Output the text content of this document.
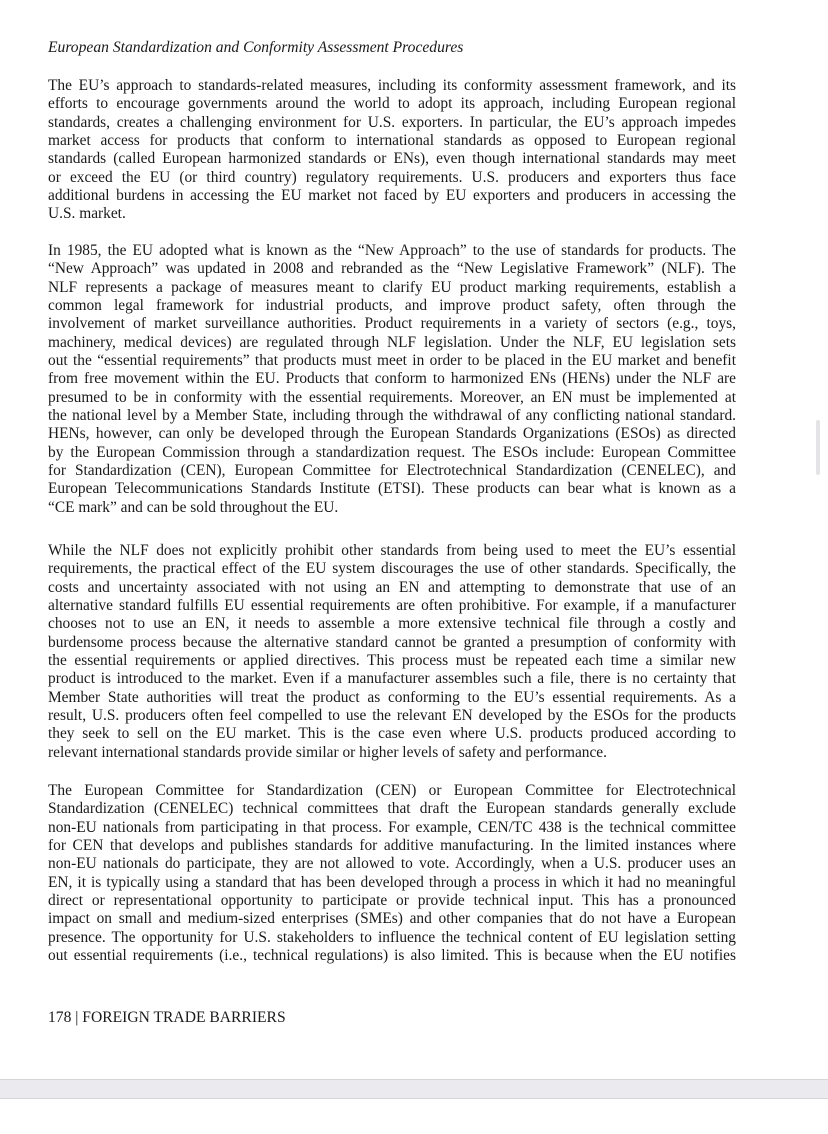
European Standardization and Conformity Assessment Procedures
The EU’s approach to standards-related measures, including its conformity assessment framework, and its
efforts to encourage governments around the world to adopt its approach, including European regional
standards, creates a challenging environment for U.S. exporters. In particular, the EU’s approach impedes
market access for products that conform to international standards as opposed to European regional
standards (called European harmonized standards or ENs), even though international standards may meet
or exceed the EU (or third country) regulatory requirements. U.S. producers and exporters thus face
additional burdens in accessing the EU market not faced by EU exporters and producers in accessing the
U.S. market.
In 1985, the EU adopted what is known as the “New Approach” to the use of standards for products. The
“New Approach” was updated in 2008 and rebranded as the “New Legislative Framework” (NLF). The
NLF represents a package of measures meant to clarify EU product marking requirements, establish a
common legal framework for industrial products, and improve product safety, often through the
involvement of market surveillance authorities. Product requirements in a variety of sectors (e.g., toys,
machinery, medical devices) are regulated through NLF legislation. Under the NLF, EU legislation sets
out the “essential requirements” that products must meet in order to be placed in the EU market and benefit
from free movement within the EU. Products that conform to harmonized ENs (HENs) under the NLF are
presumed to be in conformity with the essential requirements. Moreover, an EN must be implemented at
the national level by a Member State, including through the withdrawal of any conflicting national standard.
HENs, however, can only be developed through the European Standards Organizations (ESOs) as directed
by the European Commission through a standardization request. The ESOs include: European Committee
for Standardization (CEN), European Committee for Electrotechnical Standardization (CENELEC), and
European Telecommunications Standards Institute (ETSI). These products can bear what is known as a
“CE mark” and can be sold throughout the EU.
While the NLF does not explicitly prohibit other standards from being used to meet the EU’s essential
requirements, the practical effect of the EU system discourages the use of other standards. Specifically, the
costs and uncertainty associated with not using an EN and attempting to demonstrate that use of an
alternative standard fulfills EU essential requirements are often prohibitive. For example, if a manufacturer
chooses not to use an EN, it needs to assemble a more extensive technical file through a costly and
burdensome process because the alternative standard cannot be granted a presumption of conformity with
the essential requirements or applied directives. This process must be repeated each time a similar new
product is introduced to the market. Even if a manufacturer assembles such a file, there is no certainty that
Member State authorities will treat the product as conforming to the EU’s essential requirements. As a
result, U.S. producers often feel compelled to use the relevant EN developed by the ESOs for the products
they seek to sell on the EU market. This is the case even where U.S. products produced according to
relevant international standards provide similar or higher levels of safety and performance.
The European Committee for Standardization (CEN) or European Committee for Electrotechnical
Standardization (CENELEC) technical committees that draft the European standards generally exclude
non-EU nationals from participating in that process. For example, CEN/TC 438 is the technical committee
for CEN that develops and publishes standards for additive manufacturing. In the limited instances where
non-EU nationals do participate, they are not allowed to vote. Accordingly, when a U.S. producer uses an
EN, it is typically using a standard that has been developed through a process in which it had no meaningful
direct or representational opportunity to participate or provide technical input. This has a pronounced
impact on small and medium-sized enterprises (SMEs) and other companies that do not have a European
presence. The opportunity for U.S. stakeholders to influence the technical content of EU legislation setting
out essential requirements (i.e., technical regulations) is also limited. This is because when the EU notifies
178 | FOREIGN TRADE BARRIERS
